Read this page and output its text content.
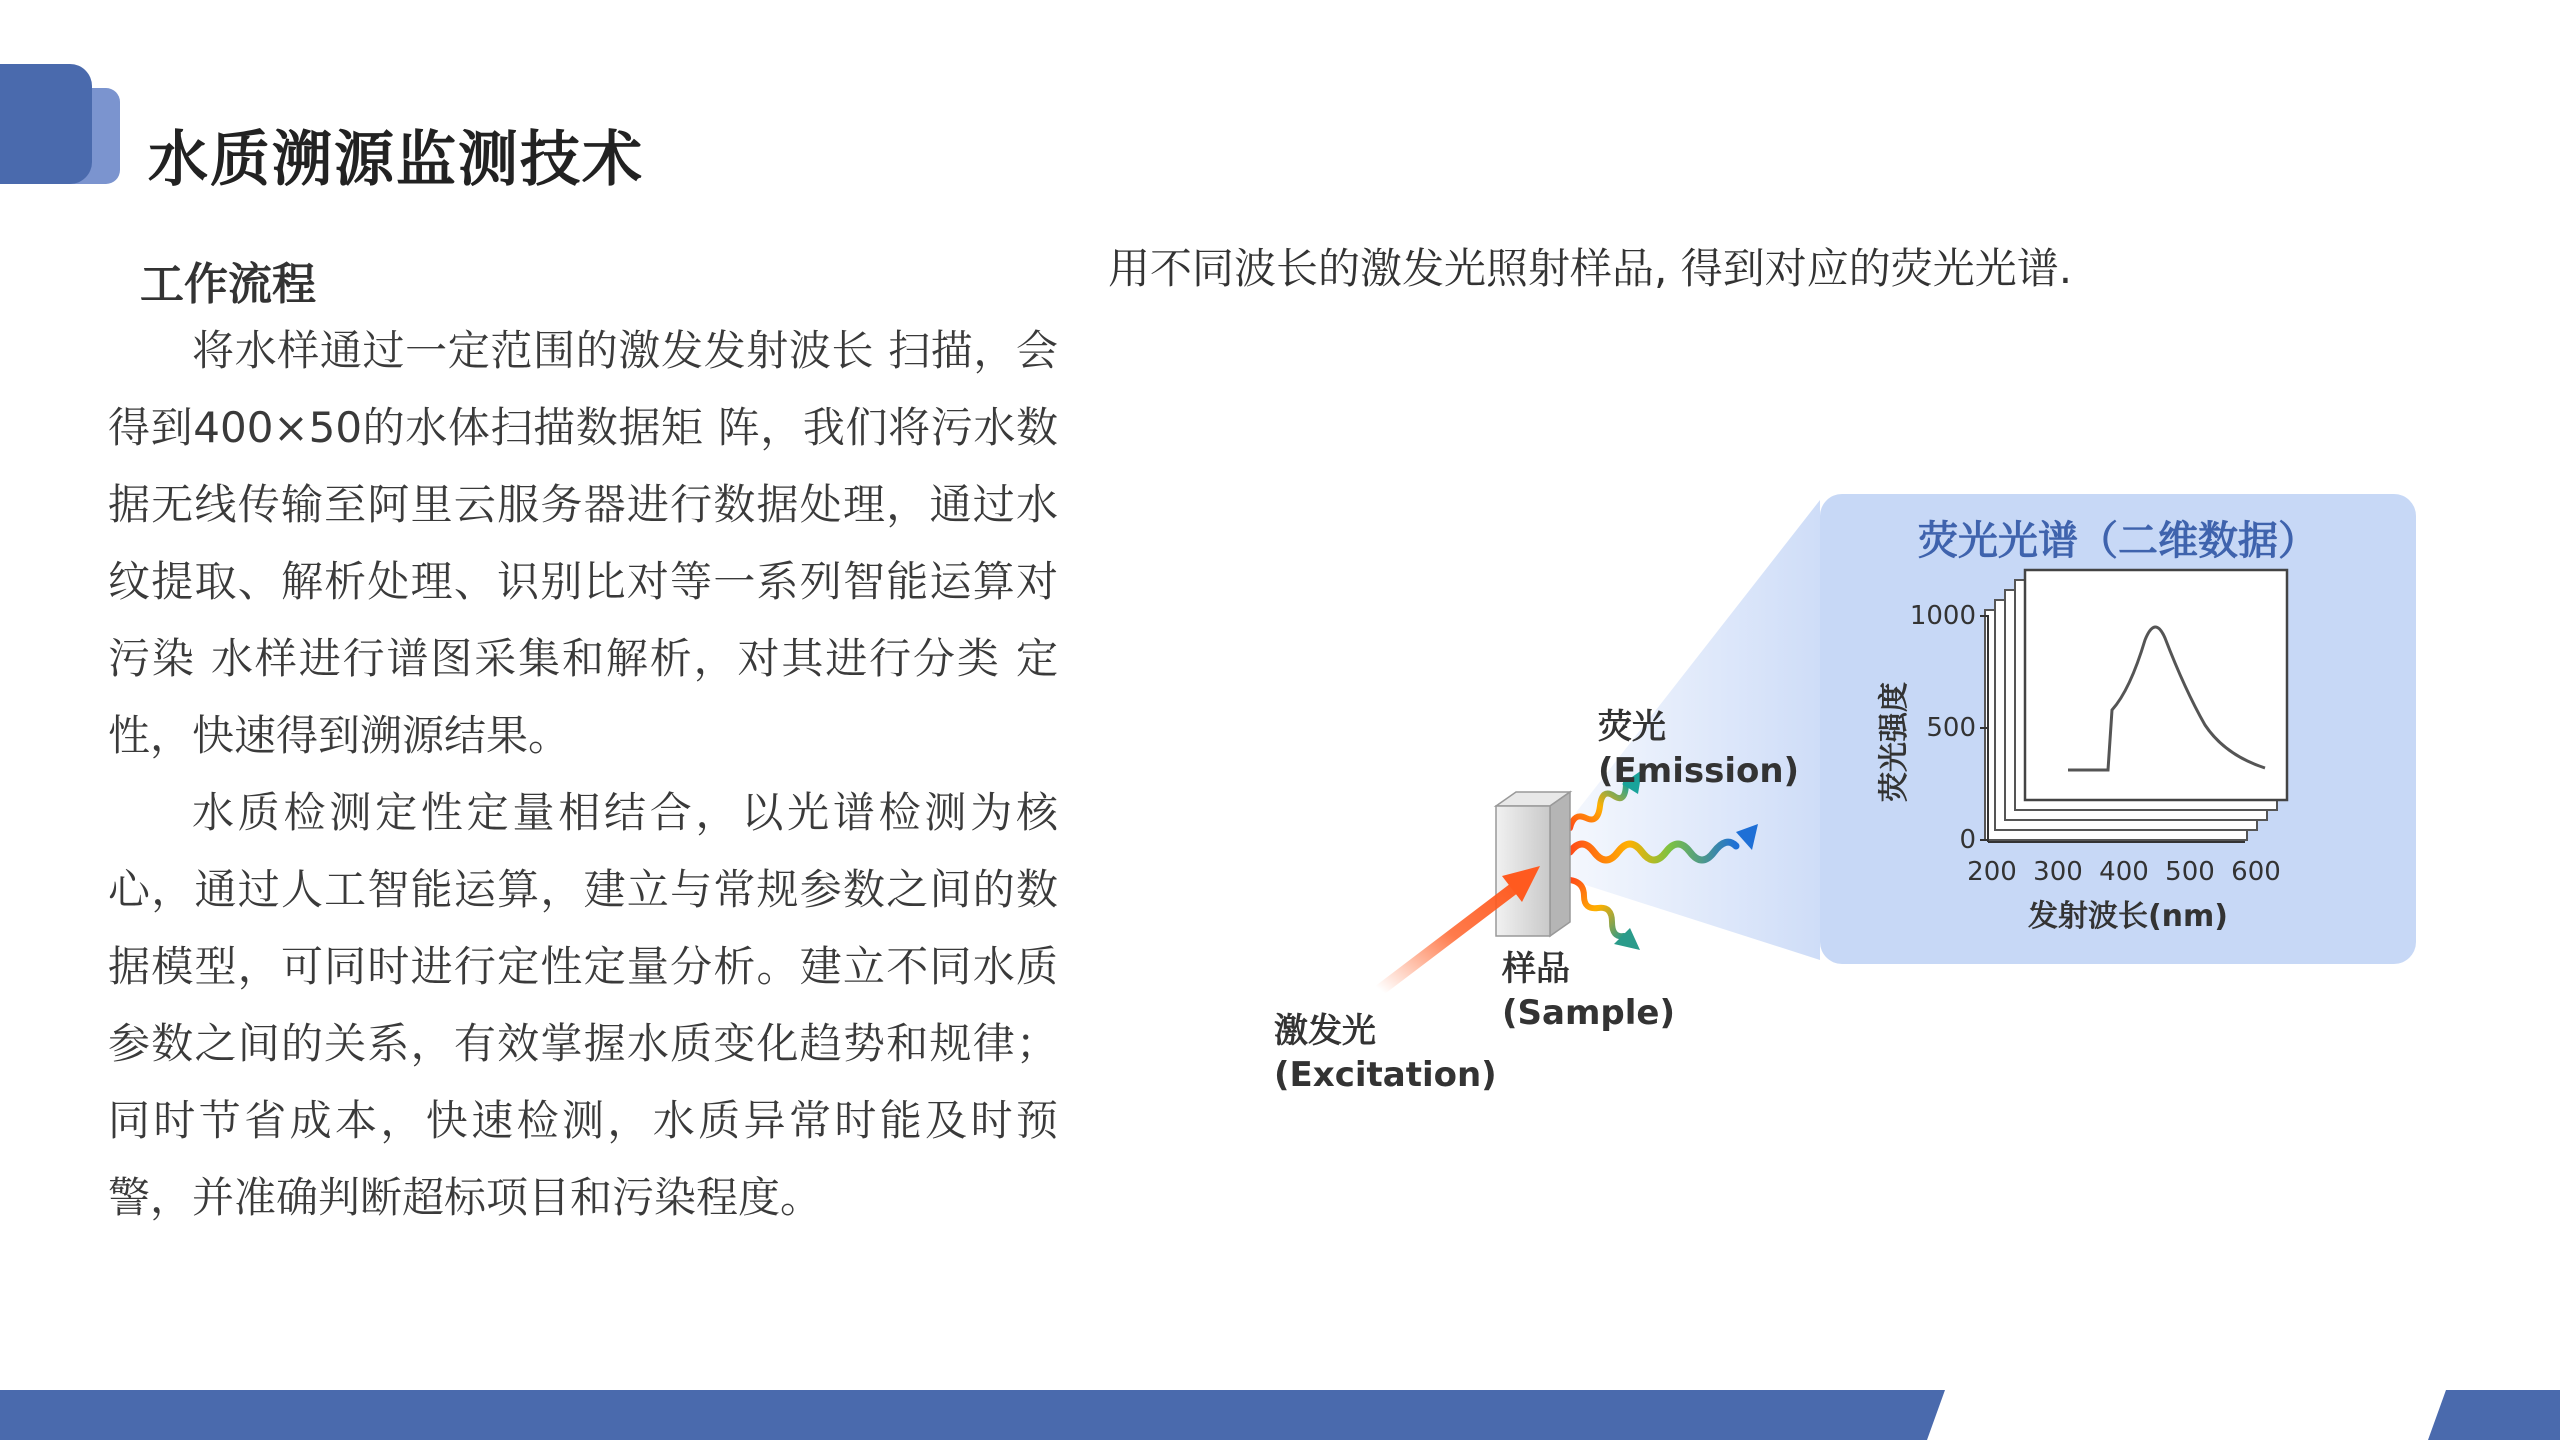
水质溯源监测技术
工作流程

将水样通过一定范围的激发发射波长 扫描，会得到400×50的水体扫描数据矩 阵，我们将污水数据无线传输至阿里云服务器进行数据处理，通过水纹提取、解析处理、识别比对等一系列智能运算对污染 水样进行谱图采集和解析，对其进行分类 定性，快速得到溯源结果。

水质检测定性定量相结合，以光谱检测为核心，通过人工智能运算，建立与常规参数之间的数据模型，可同时进行定性定量分析。建立不同水质参数之间的关系，有效掌握水质变化趋势和规律；同时节省成本，快速检测，水质异常时能及时预警，并准确判断超标项目和污染程度。

用不同波长的激发光照射样品, 得到对应的荧光光谱.
荧光光谱（二维数据）
1000
500
0
200 300 400 500 600
发射波长(nm)
荧光强度
荧光
(Emission)
样品
(Sample)
激发光
(Excitation)
